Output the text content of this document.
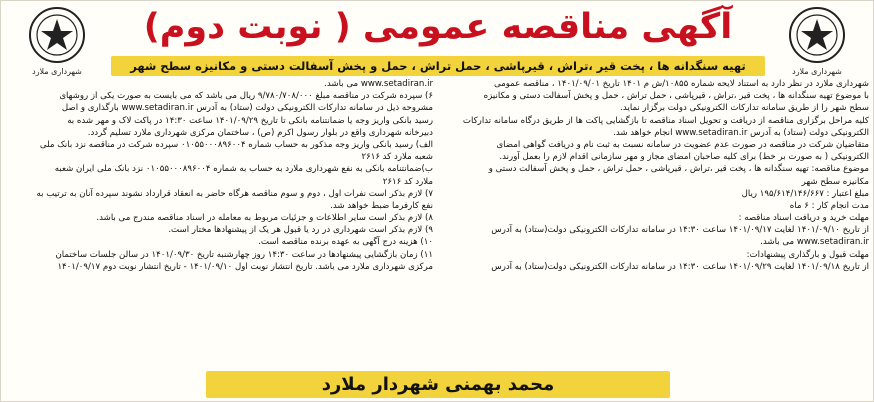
شهرداری ملارد	شهرداری ملارد
آگهی مناقصه عمومی ( نوبت دوم)
تهیه سنگدانه ها ، پخت قیر ،تراش ، قیرپاشی ، حمل تراش ، حمل و پخش آسفالت دستی و مکانیزه سطح شهر

شهرداری ملارد در نظر دارد به استناد لایحه شماره ۱۰۸۵۵/ش م ۱۴۰۱ تاریخ ۱۴۰۱/۰۹/۰۱ ، مناقصه عمومی

با موضوع تهیه سنگدانه ها ، پخت قیر ،تراش ، قیرپاشی ، حمل تراش ، حمل و پخش آسفالت دستی و مکانیزه

سطح شهر را از طریق سامانه تدارکات الکترونیکی دولت برگزار نماید.

کلیه مراحل برگزاری مناقصه از دریافت و تحویل اسناد مناقصه تا بازگشایی پاکت ها از طریق درگاه سامانه تدارکات

الکترونیکی دولت (ستاد) به آدرس www.setadiran.ir انجام خواهد شد.

متقاضیان شرکت در مناقصه در صورت عدم عضویت در سامانه نسبت به ثبت نام و دریافت گواهی امضای

الکترونیکی ( به صورت بر خط) برای کلیه صاحبان امضای مجاز و مهر سازمانی اقدام لازم را بعمل آورند.

موضوع مناقصه: تهیه سنگدانه ها ، پخت قیر ،تراش ، قیرپاشی ، حمل تراش ، حمل و پخش آسفالت دستی و

مکانیزه سطح شهر

مبلغ اعتبار : ۱۹۵/۶۱۴/۱۴۶/۶۶۷ ریال

مدت انجام کار : ۶ ماه

مهلت خرید و دریافت اسناد مناقصه :

از تاریخ ۱۴۰۱/۰۹/۱۰ لغایت ۱۴۰۱/۰۹/۱۷ ساعت ۱۴:۳۰ در سامانه تدارکات الکترونیکی دولت(ستاد) به آدرس

www.setadiran.ir می باشد.

مهلت قبول و بارگذاری پیشنهادات:

از تاریخ ۱۴۰۱/۰۹/۱۸ لغایت ۱۴۰۱/۰۹/۲۹ ساعت ۱۴:۳۰ در سامانه تدارکات الکترونیکی دولت(ستاد) به آدرس

www.setadiran.ir می باشد.

۶) سپرده شرکت در مناقصه مبلغ ۹/۷۸۰/۷۰۸/۰۰۰ ریال می باشد که می بایست به صورت یکی از روشهای

مشروحه ذیل در سامانه تدارکات الکترونیکی دولت (ستاد) به آدرس www.setadiran.ir بارگذاری و اصل

رسید بانکی واریز وجه یا ضمانتنامه بانکی تا تاریخ ۱۴۰۱/۰۹/۲۹ ساعت ۱۴:۳۰ در پاکت لاک و مهر شده به

دبیرخانه شهرداری واقع در بلوار رسول اکرم (ص) ، ساختمان مرکزی شهرداری ملارد تسلیم گردد.

الف) رسید بانکی واریز وجه مذکور به حساب شماره ۰۱۰۵۵۰۰۰۸۹۶۰۰۴ سپرده شرکت در مناقصه نزد بانک ملی

شعبه ملارد کد ۲۶۱۶

ب)ضمانتنامه بانکی به نفع شهرداری ملارد به حساب به شماره ۰۱۰۵۵۰۰۰۸۹۶۰۰۴ نزد بانک ملی ایران شعبه

ملارد کد ۲۶۱۶

۷) لازم بذکر است نفرات اول ، دوم و سوم مناقصه هرگاه حاضر به انعقاد قرارداد نشوند سپرده آنان به ترتیب به

نفع کارفرما ضبط خواهد شد.

۸) لازم بذکر است سایر اطلاعات و جزئیات مربوط به معامله در اسناد مناقصه مندرج می باشد.

۹) لازم بذکر است شهرداری در رد یا قبول هر یک از پیشنهادها مختار است.

۱۰) هزینه درج آگهی به عهده برنده مناقصه است.

۱۱) زمان بازگشایی پیشنهادها در ساعت ۱۴:۳۰ روز چهارشنبه تاریخ ۱۴۰۱/۰۹/۳۰ در سالن جلسات ساختمان

مرکزی شهرداری ملارد می باشد. تاریخ انتشار نوبت اول ۱۴۰۱/۰۹/۱۰ - تاریخ انتشار نوبت دوم ۱۴۰۱/۰۹/۱۷

محمد بهمنی شهردار ملارد
